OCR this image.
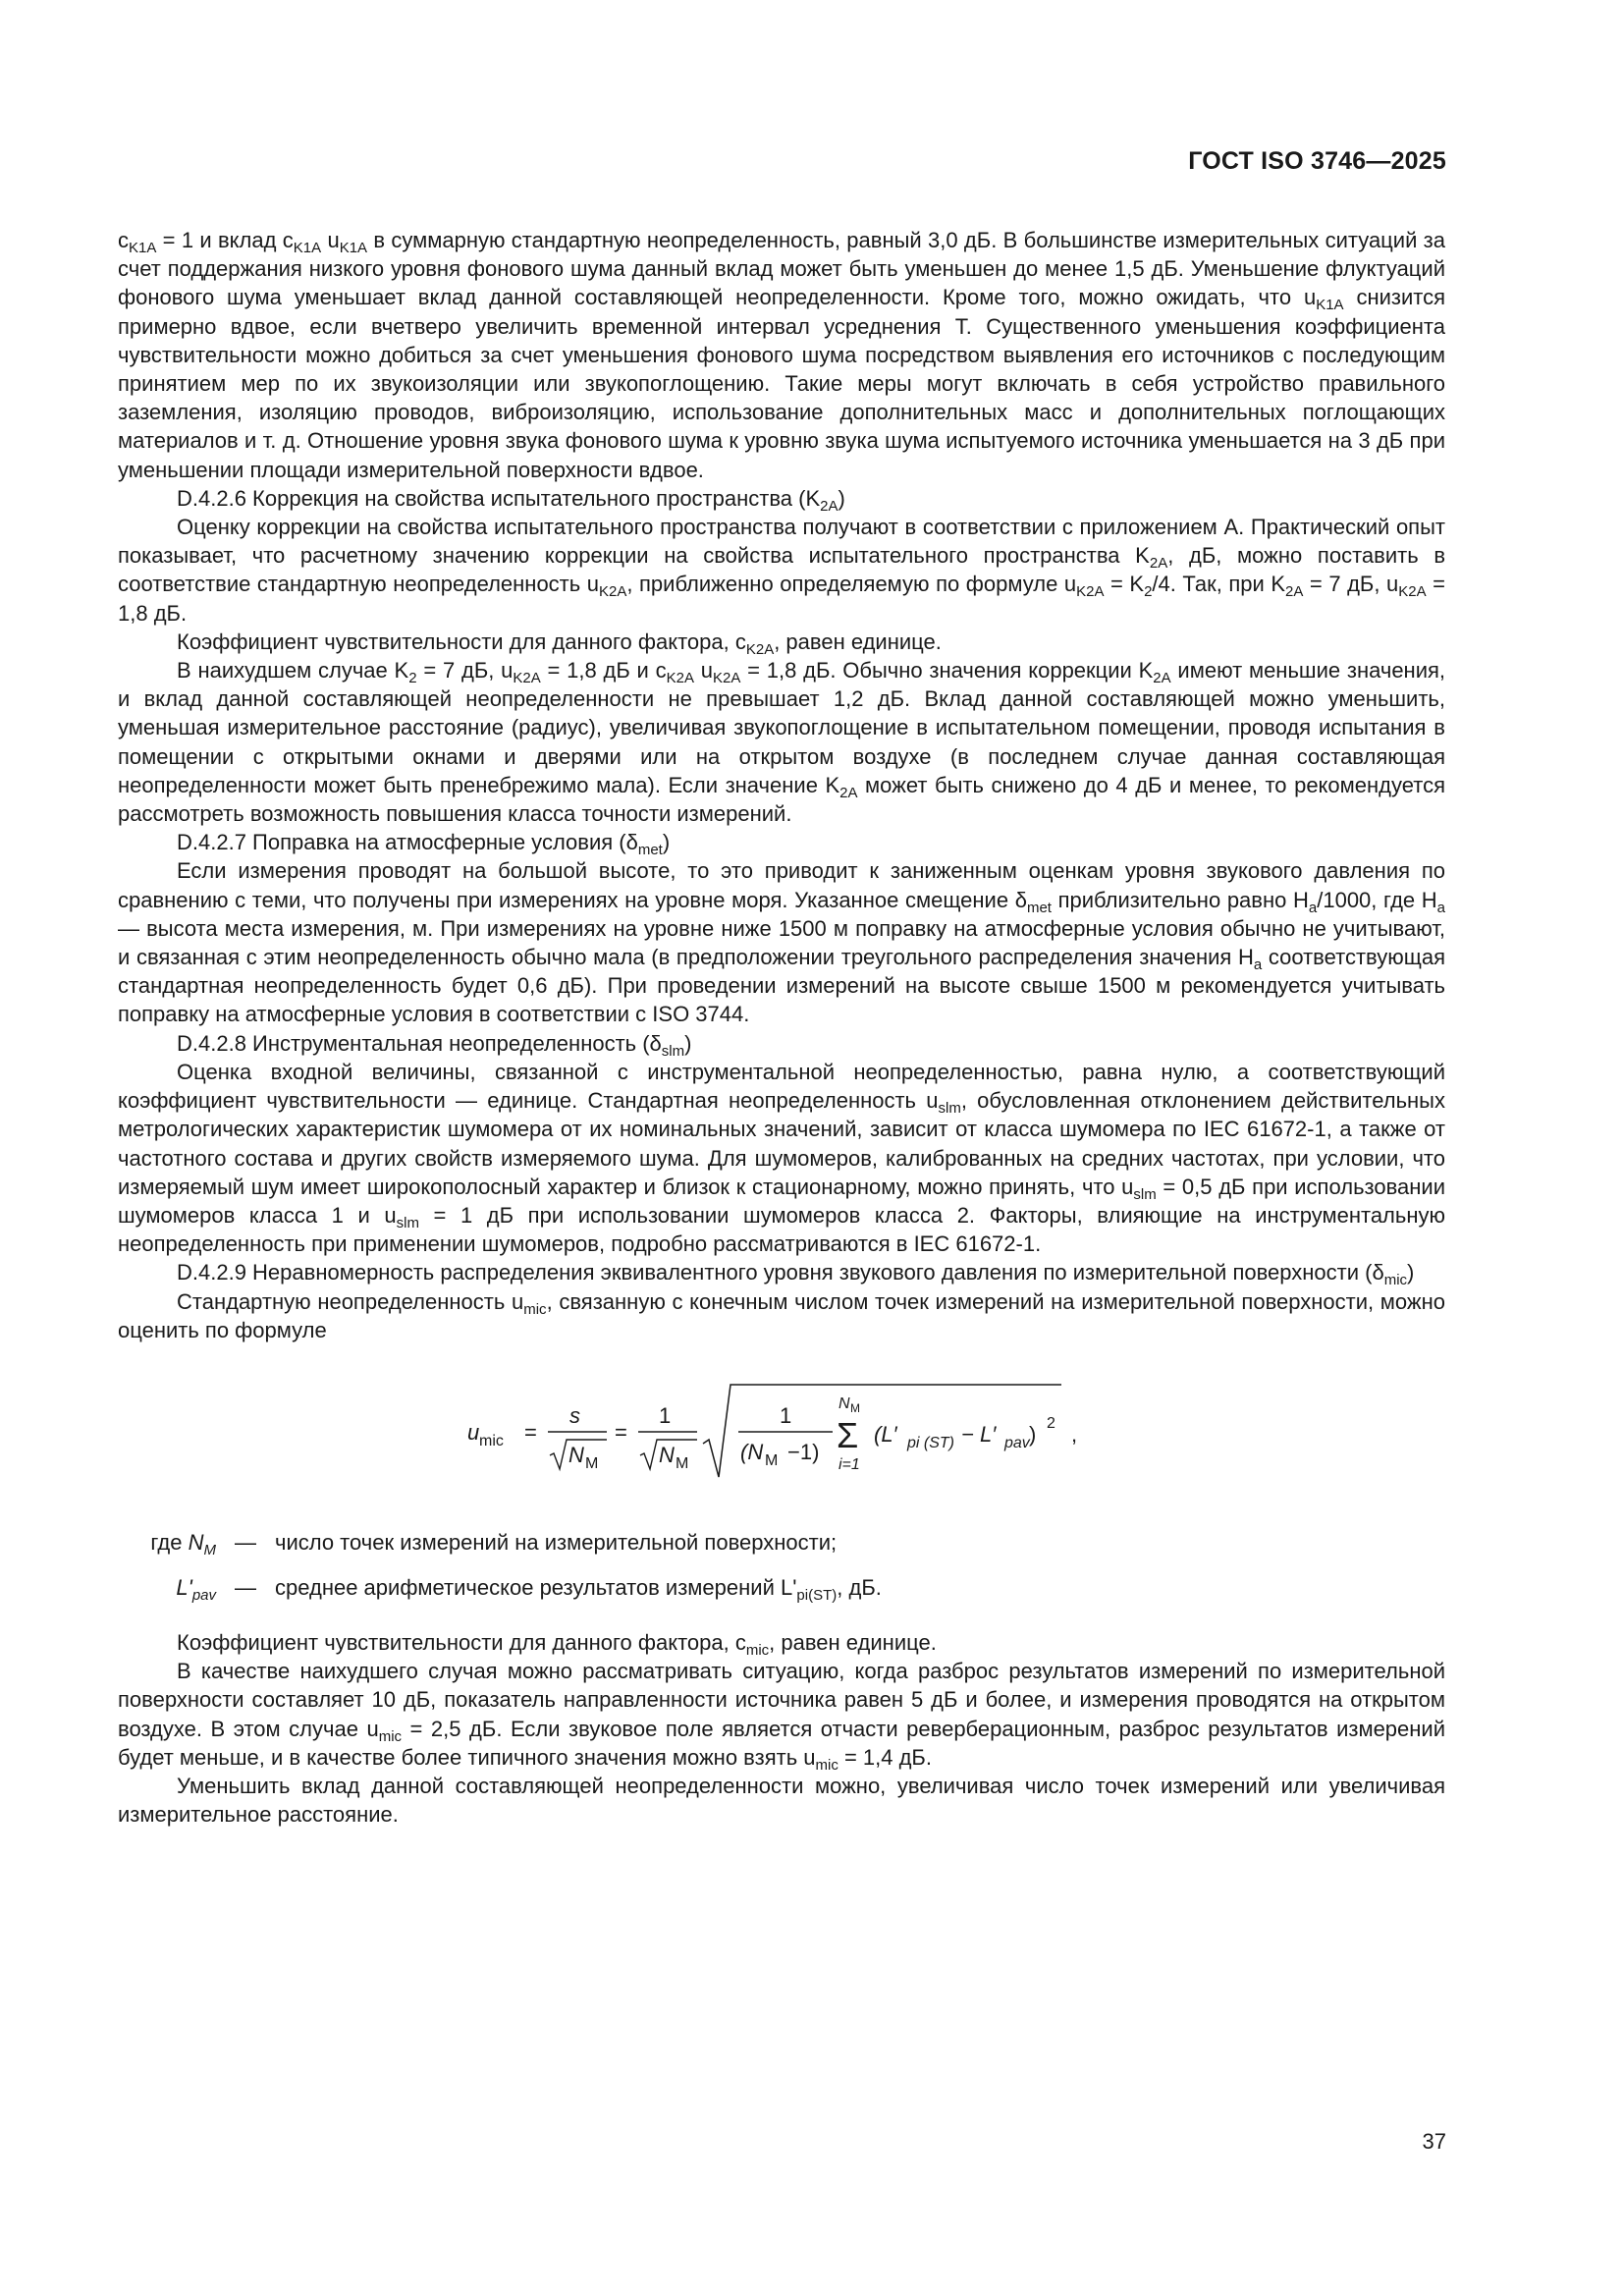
ГОСТ ISO 3746—2025

$c_{K1A} = 1$ и вклад $c_{K1A}$ $u_{K1A}$ в суммарную стандартную неопределенность, равный 3,0 дБ. В большинстве измерительных ситуаций за счет поддержания низкого уровня фонового шума данный вклад может быть уменьшен до менее 1,5 дБ. Уменьшение флуктуаций фонового шума уменьшает вклад данной составляющей неопределенности. Кроме того, можно ожидать, что $u_{K1A}$ снизится примерно вдвое, если вчетверо увеличить временной интервал усреднения T. Существенного уменьшения коэффициента чувствительности можно добиться за счет уменьшения фонового шума посредством выявления его источников с последующим принятием мер по их звукоизоляции или звукопоглощению. Такие меры могут включать в себя устройство правильного заземления, изоляцию проводов, виброизоляцию, использование дополнительных масс и дополнительных поглощающих материалов и т. д. Отношение уровня звука фонового шума к уровню звука шума испытуемого источника уменьшается на 3 дБ при уменьшении площади измерительной поверхности вдвое.

D.4.2.6 Коррекция на свойства испытательного пространства $(K_{2A})$

Оценку коррекции на свойства испытательного пространства получают в соответствии с приложением А. Практический опыт показывает, что расчетному значению коррекции на свойства испытательного пространства $K_{2A}$, дБ, можно поставить в соответствие стандартную неопределенность $u_{K2A}$, приближенно определяемую по формуле $u_{K2A} = K_2/4$. Так, при $K_{2A} = 7$ дБ, $u_{K2A} = 1,8$ дБ.

Коэффициент чувствительности для данного фактора, $c_{K2A}$, равен единице.

В наихудшем случае $K_2 = 7$ дБ, $u_{K2A} = 1,8$ дБ и $c_{K2A}$ $u_{K2A} = 1,8$ дБ. Обычно значения коррекции $K_{2A}$ имеют меньшие значения, и вклад данной составляющей неопределенности не превышает 1,2 дБ. Вклад данной составляющей можно уменьшить, уменьшая измерительное расстояние (радиус), увеличивая звукопоглощение в испытательном помещении, проводя испытания в помещении с открытыми окнами и дверями или на открытом воздухе (в последнем случае данная составляющая неопределенности может быть пренебрежимо мала). Если значение $K_{2A}$ может быть снижено до 4 дБ и менее, то рекомендуется рассмотреть возможность повышения класса точности измерений.

D.4.2.7 Поправка на атмосферные условия $(\delta_{met})$

Если измерения проводят на большой высоте, то это приводит к заниженным оценкам уровня звукового давления по сравнению с теми, что получены при измерениях на уровне моря. Указанное смещение $\delta_{met}$ приблизительно равно $H_a/1000$, где $H_a$ — высота места измерения, м. При измерениях на уровне ниже 1500 м поправку на атмосферные условия обычно не учитывают, и связанная с этим неопределенность обычно мала (в предположении треугольного распределения значения $H_a$ соответствующая стандартная неопределенность будет 0,6 дБ). При проведении измерений на высоте свыше 1500 м рекомендуется учитывать поправку на атмосферные условия в соответствии с ISO 3744.

D.4.2.8 Инструментальная неопределенность $(\delta_{slm})$

Оценка входной величины, связанной с инструментальной неопределенностью, равна нулю, а соответствующий коэффициент чувствительности — единице. Стандартная неопределенность $u_{slm}$, обусловленная отклонением действительных метрологических характеристик шумомера от их номинальных значений, зависит от класса шумомера по IEC 61672-1, а также от частотного состава и других свойств измеряемого шума. Для шумомеров, калиброванных на средних частотах, при условии, что измеряемый шум имеет широкополосный характер и близок к стационарному, можно принять, что $u_{slm} = 0,5$ дБ при использовании шумомеров класса 1 и $u_{slm} = 1$ дБ при использовании шумомеров класса 2. Факторы, влияющие на инструментальную неопределенность при применении шумомеров, подробно рассматриваются в IEC 61672-1.

D.4.2.9 Неравномерность распределения эквивалентного уровня звукового давления по измерительной поверхности $(\delta_{mic})$

Стандартную неопределенность $u_{mic}$, связанную с конечным числом точек измерений на измерительной поверхности, можно оценить по формуле

u mic =
s
N M
=
1
N M
1
(N M −1)
N M
Σ
i=1
(L′ pi (ST) − L′ pav ) 2 ,
где $N_M$ — число точек измерений на измерительной поверхности;
$L'_{pav}$ — среднее арифметическое результатов измерений $L'_{pi(ST)}$, дБ.

Коэффициент чувствительности для данного фактора, $c_{mic}$, равен единице.

В качестве наихудшего случая можно рассматривать ситуацию, когда разброс результатов измерений по измерительной поверхности составляет 10 дБ, показатель направленности источника равен 5 дБ и более, и измерения проводятся на открытом воздухе. В этом случае $u_{mic} = 2,5$ дБ. Если звуковое поле является отчасти реверберационным, разброс результатов измерений будет меньше, и в качестве более типичного значения можно взять $u_{mic} = 1,4$ дБ.

Уменьшить вклад данной составляющей неопределенности можно, увеличивая число точек измерений или увеличивая измерительное расстояние.

37
